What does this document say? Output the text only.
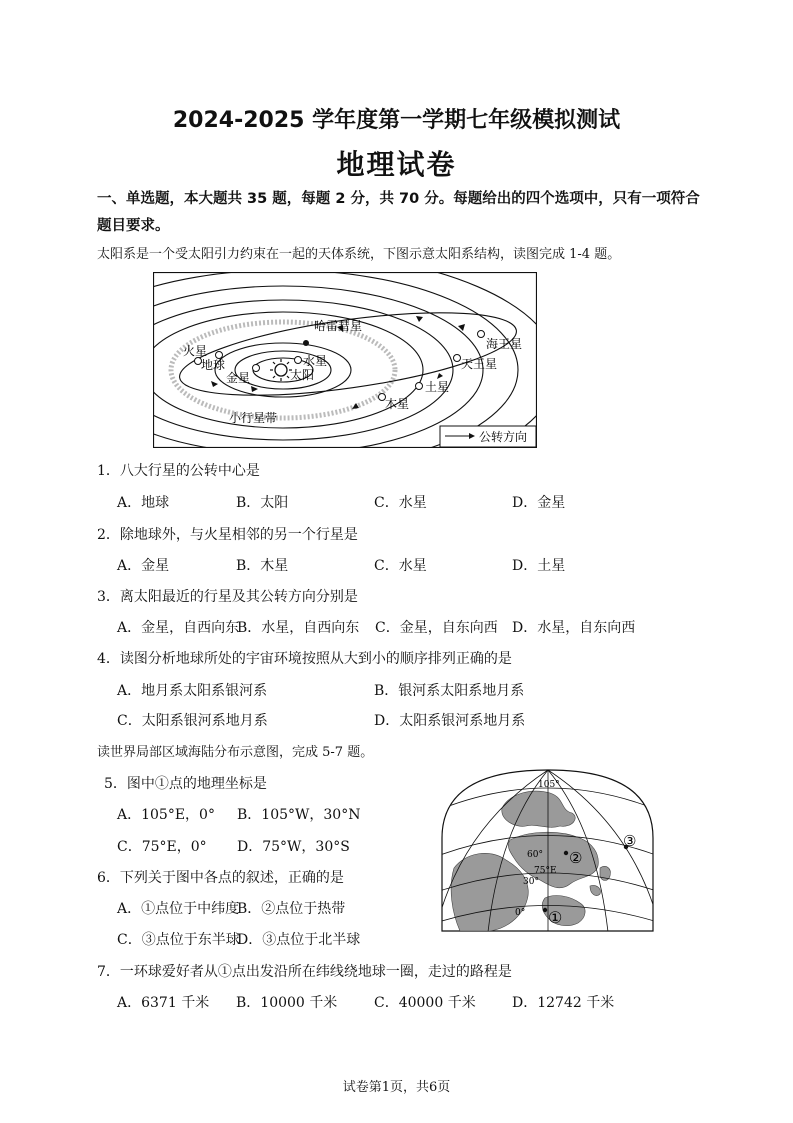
2024-2025 学年度第一学期七年级模拟测试
地理试卷
一、单选题，本大题共 35 题，每题 2 分，共 70 分。每题给出的四个选项中，只有一项符合题目要求。
太阳系是一个受太阳引力约束在一起的天体系统，下图示意太阳系结构，读图完成 1-4 题。
水星
太阳
金星
地球
火星
木星
土星
天王星
海王星
哈雷彗星
小行星带
公转方向
1．八大行星的公转中心是
A．地球	B．太阳	C．水星	D．金星
2．除地球外，与火星相邻的另一个行星是
A．金星	B．木星	C．水星	D．土星
3．离太阳最近的行星及其公转方向分别是
A．金星，自西向东
B．水星，自西向东 C．金星，自东向西 D．水星，自东向西
4．读图分析地球所处的宇宙环境按照从大到小的顺序排列正确的是
A．地月系太阳系银河系	B．银河系太阳系地月系
C．太阳系银河系地月系	D．太阳系银河系地月系
读世界局部区域海陆分布示意图，完成 5-7 题。
5．图中①点的地理坐标是
A．105°E，0° B．105°W，30°N
C．75°E，0° D．75°W，30°S
6．下列关于图中各点的叙述，正确的是
A．①点位于中纬度
B．②点位于热带
C．③点位于东半球
D．③点位于北半球
7．一环球爱好者从①点出发沿所在纬线绕地球一圈，走过的路程是
A．6371 千米 B．10000 千米	C．40000 千米	D．12742 千米
①
②
③
105°
60°
75°E
30°
0°
试卷第1页，共6页
